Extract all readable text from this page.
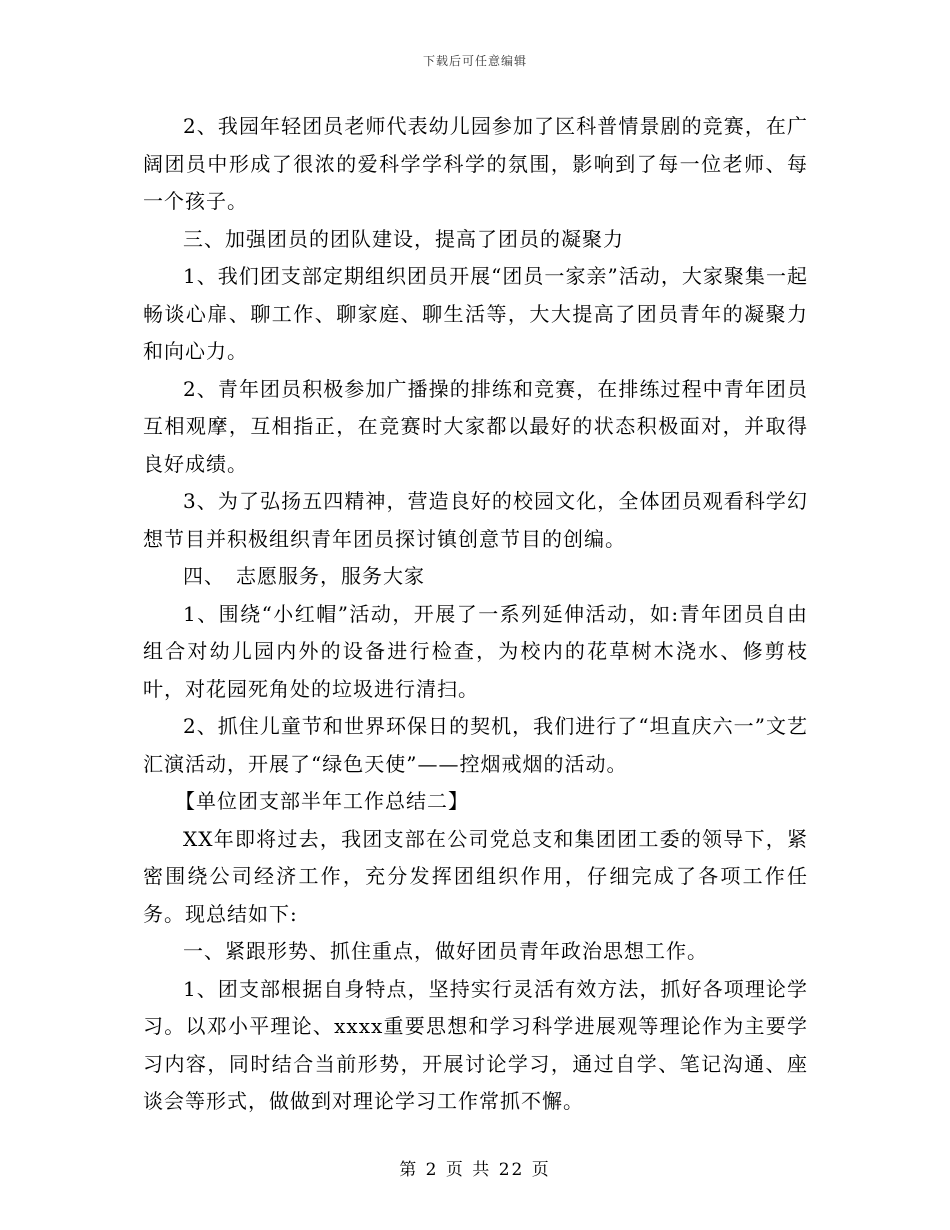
下载后可任意编辑

2、我园年轻团员老师代表幼儿园参加了区科普情景剧的竞赛，在广阔团员中形成了很浓的爱科学学科学的氛围，影响到了每一位老师、每一个孩子。

三、加强团员的团队建设，提高了团员的凝聚力

1、我们团支部定期组织团员开展“团员一家亲”活动，大家聚集一起畅谈心扉、聊工作、聊家庭、聊生活等，大大提高了团员青年的凝聚力和向心力。

2、青年团员积极参加广播操的排练和竞赛，在排练过程中青年团员互相观摩，互相指正，在竞赛时大家都以最好的状态积极面对，并取得良好成绩。

3、为了弘扬五四精神，营造良好的校园文化，全体团员观看科学幻想节目并积极组织青年团员探讨镇创意节目的创编。

四、　志愿服务，服务大家

1、围绕“小红帽”活动，开展了一系列延伸活动，如:青年团员自由组合对幼儿园内外的设备进行检查，为校内的花草树木浇水、修剪枝叶，对花园死角处的垃圾进行清扫。

2、抓住儿童节和世界环保日的契机，我们进行了“坦直庆六一”文艺汇演活动，开展了“绿色天使”——控烟戒烟的活动。

【单位团支部半年工作总结二】

XX年即将过去，我团支部在公司党总支和集团团工委的领导下，紧密围绕公司经济工作，充分发挥团组织作用，仔细完成了各项工作任务。现总结如下:

一、紧跟形势、抓住重点，做好团员青年政治思想工作。

1、团支部根据自身特点，坚持实行灵活有效方法，抓好各项理论学习。以邓小平理论、xxxx重要思想和学习科学进展观等理论作为主要学习内容，同时结合当前形势，开展讨论学习，通过自学、笔记沟通、座谈会等形式，做做到对理论学习工作常抓不懈。

第 2 页 共 22 页
